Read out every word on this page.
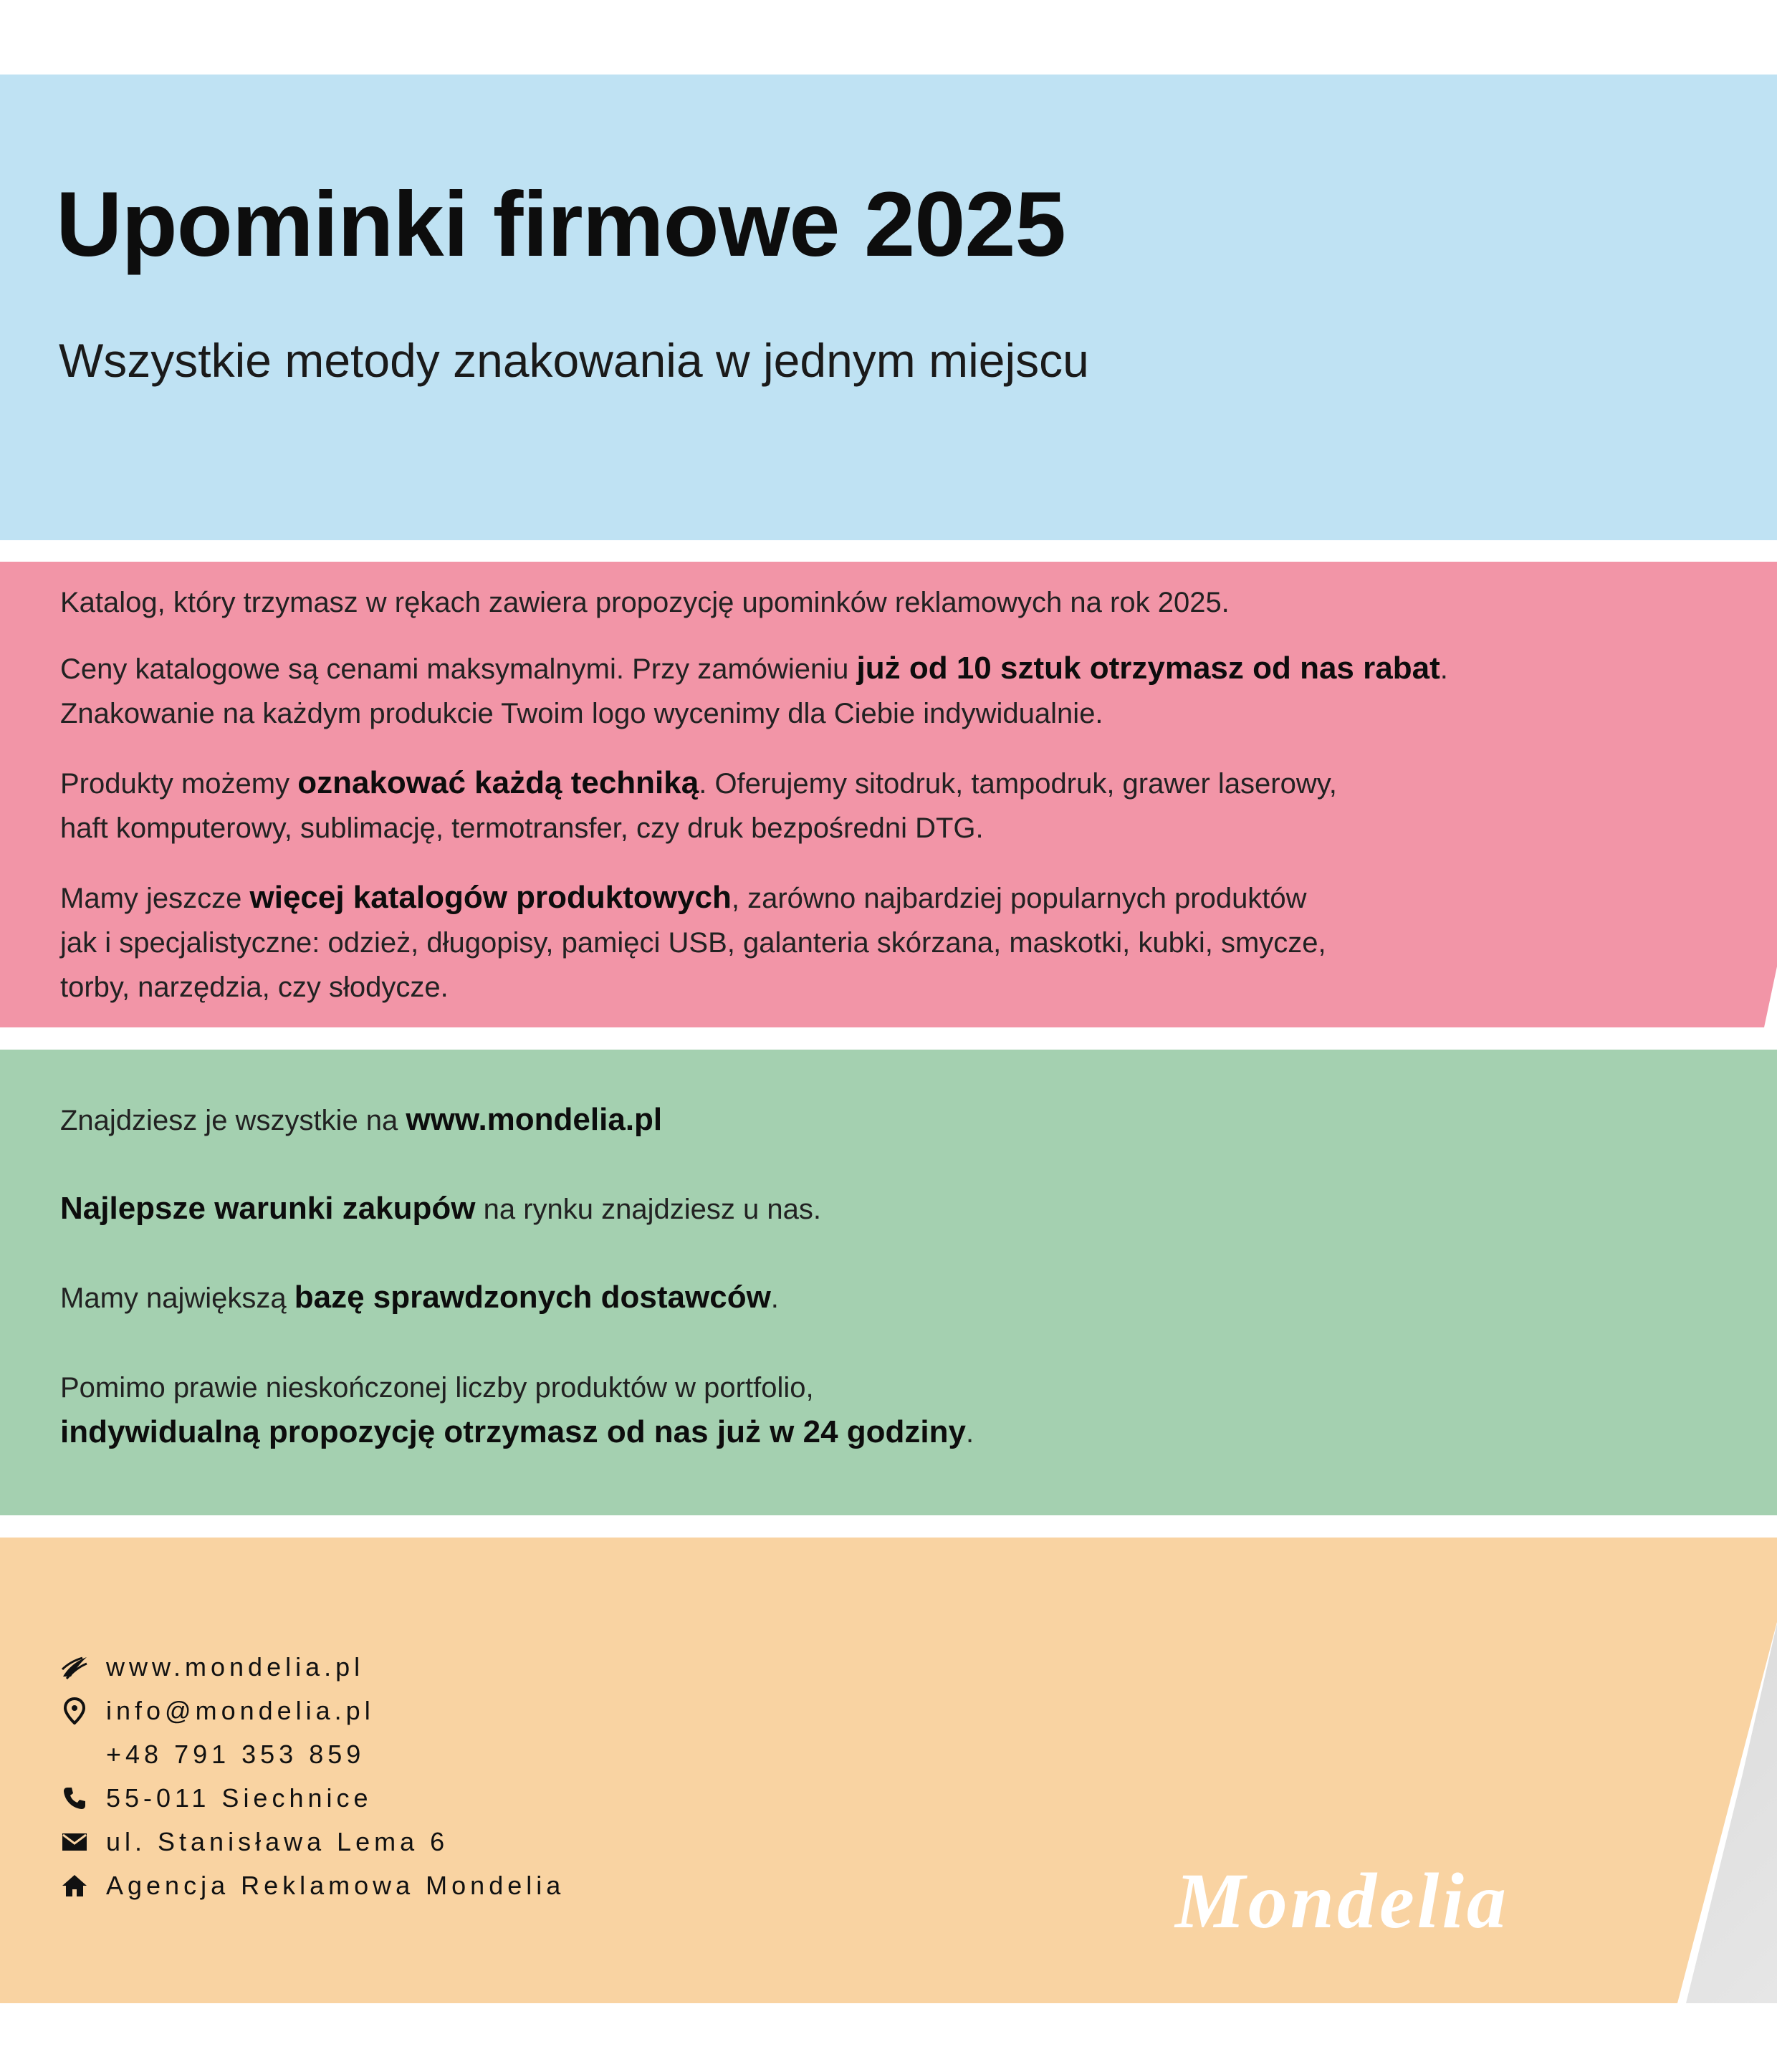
Upominki firmowe 2025

Wszystkie metody znakowania w jednym miejscu

Katalog, który trzymasz w rękach zawiera propozycję upominków reklamowych na rok 2025.

Ceny katalogowe są cenami maksymalnymi. Przy zamówieniu już od 10 sztuk otrzymasz od nas rabat.
Znakowanie na każdym produkcie Twoim logo wycenimy dla Ciebie indywidualnie.

Produkty możemy oznakować każdą techniką. Oferujemy sitodruk, tampodruk, grawer laserowy,
haft komputerowy, sublimację, termotransfer, czy druk bezpośredni DTG.

Mamy jeszcze więcej katalogów produktowych, zarówno najbardziej popularnych produktów
jak i specjalistyczne: odzież, długopisy, pamięci USB, galanteria skórzana, maskotki, kubki, smycze,
torby, narzędzia, czy słodycze.

Znajdziesz je wszystkie na www.mondelia.pl

Najlepsze warunki zakupów na rynku znajdziesz u nas.

Mamy największą bazę sprawdzonych dostawców.

Pomimo prawie nieskończonej liczby produktów w portfolio,
indywidualną propozycję otrzymasz od nas już w 24 godziny.

www.mondelia.pl
info@mondelia.pl
+48 791 353 859
55-011 Siechnice
ul. Stanisława Lema 6
Agencja Reklamowa Mondelia	Mondelia
